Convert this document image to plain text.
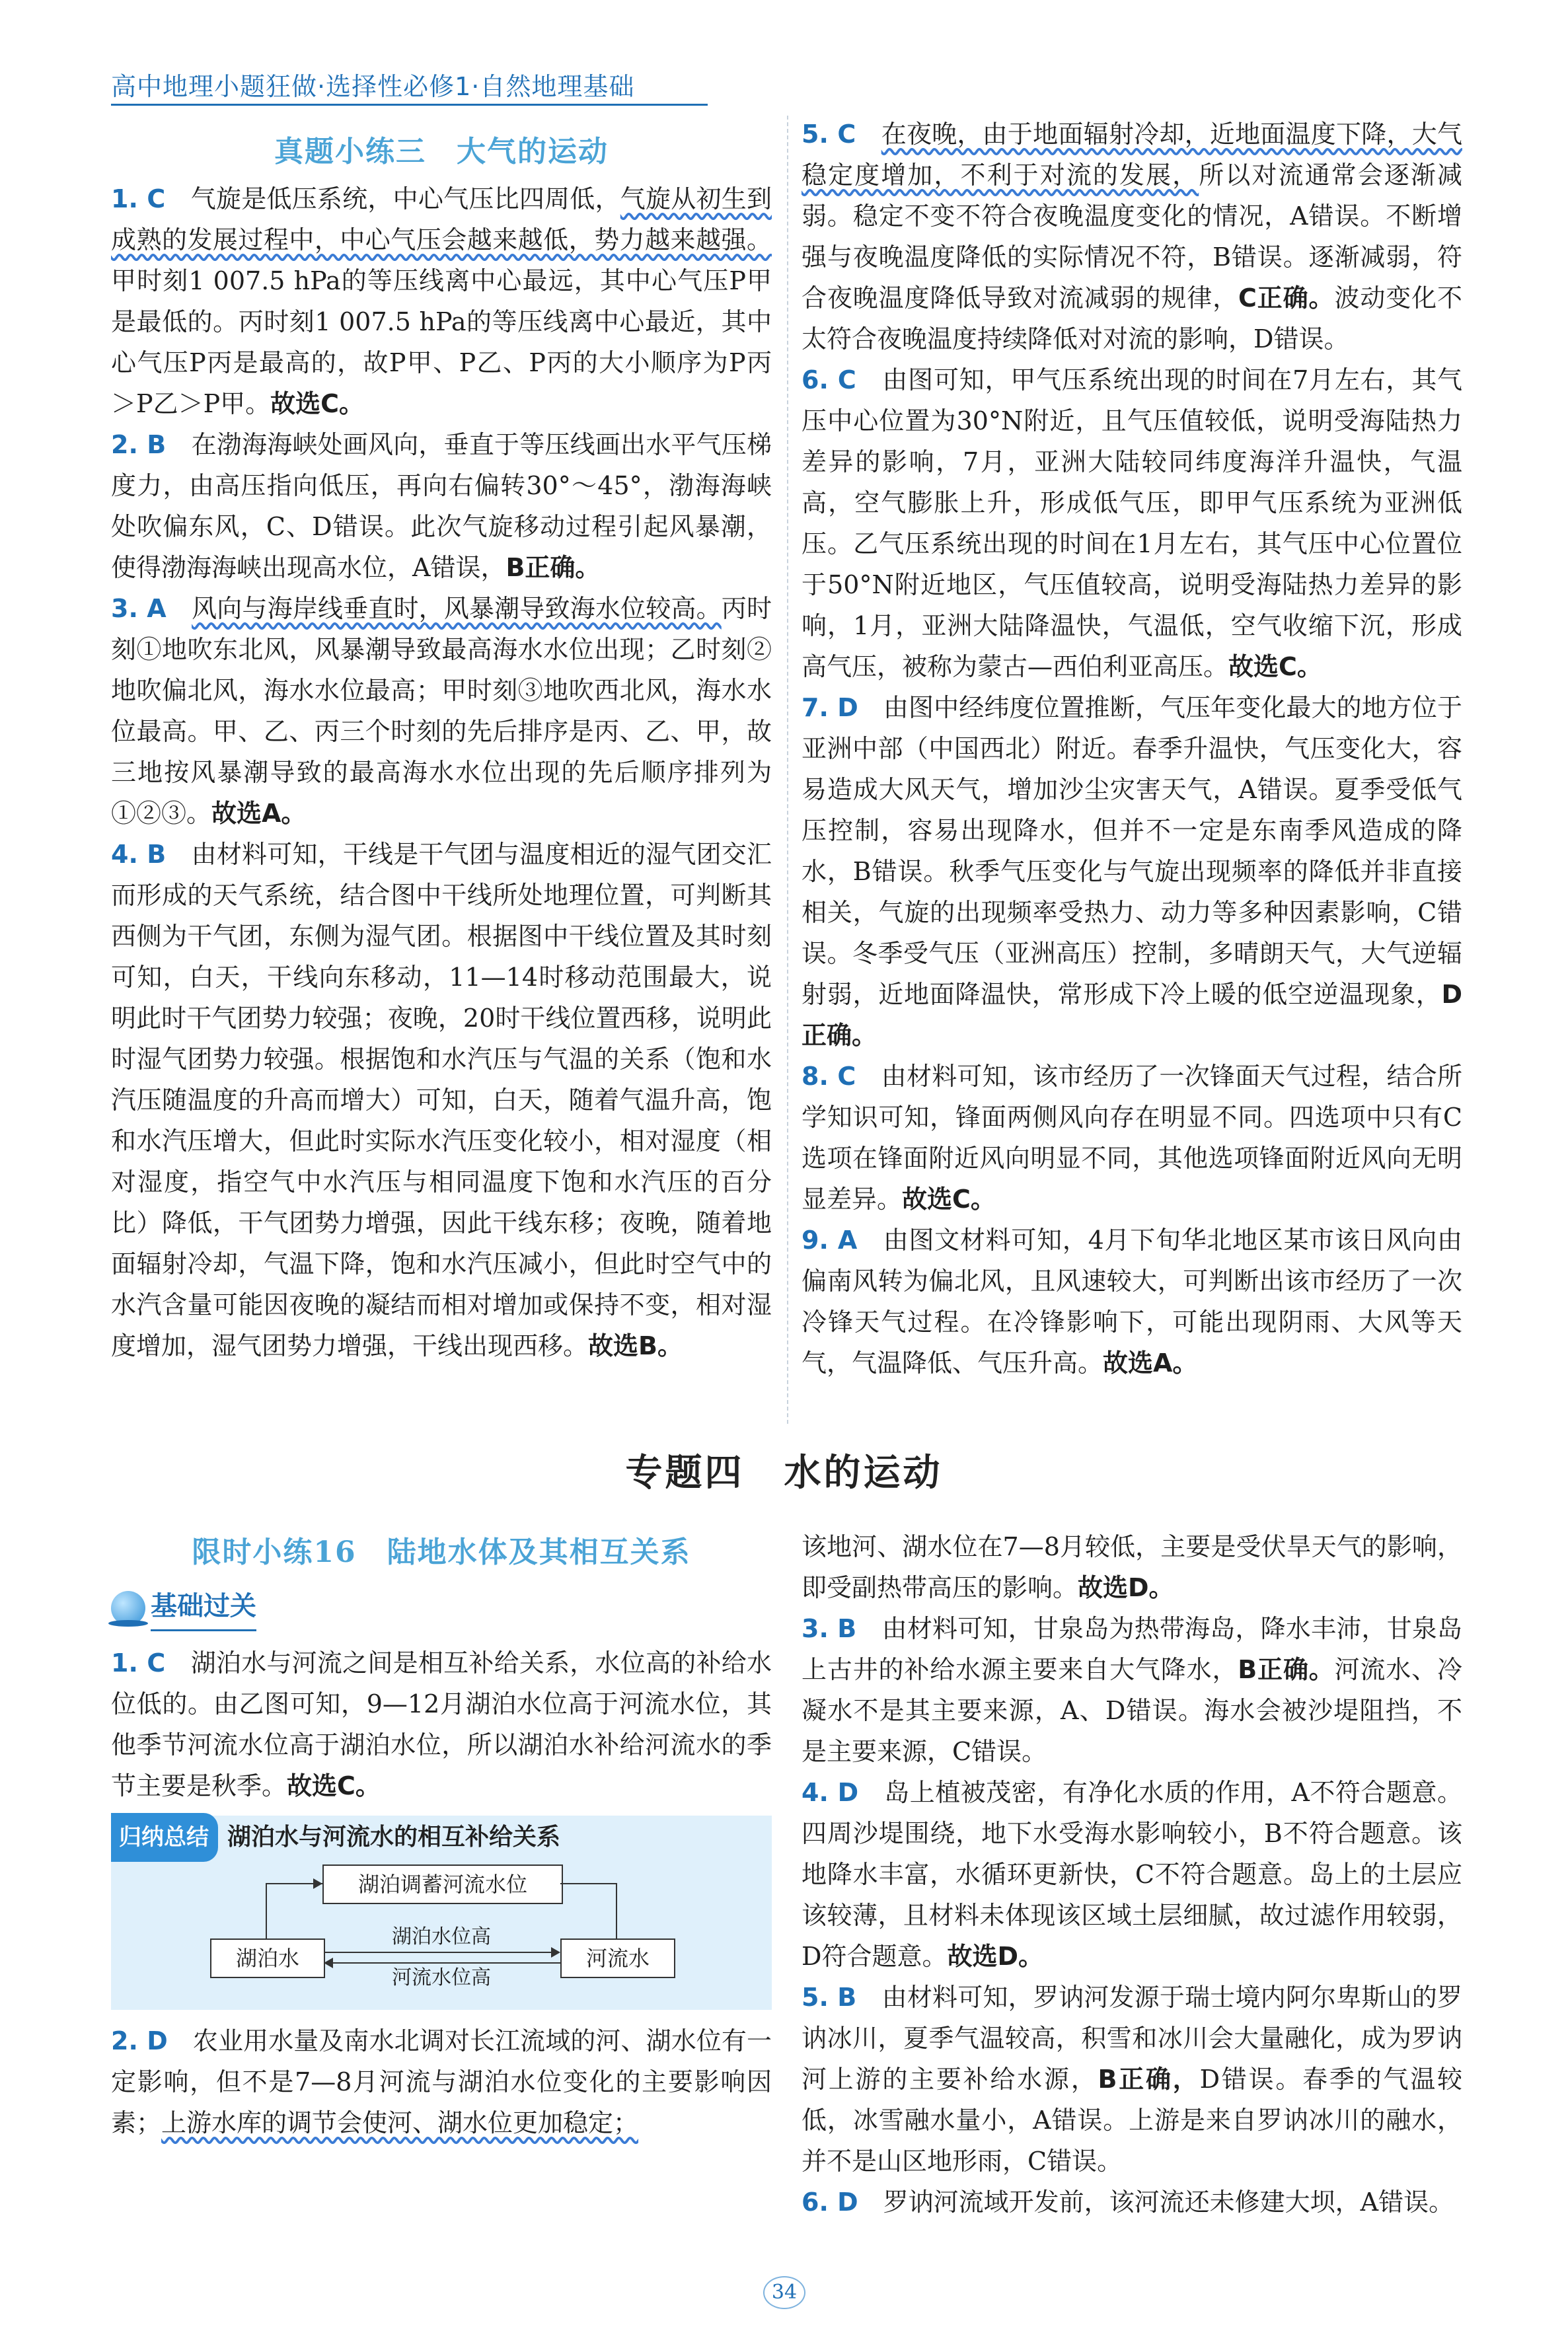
高中地理小题狂做·选择性必修1·自然地理基础

真题小练三　大气的运动

1. C　气旋是低压系统，中心气压比四周低，气旋从初生到成熟的发展过程中，中心气压会越来越低，势力越来越强。甲时刻1 007.5 hPa的等压线离中心最远，其中心气压P甲是最低的。丙时刻1 007.5 hPa的等压线离中心最近，其中心气压P丙是最高的，故P甲、P乙、P丙的大小顺序为P丙＞P乙＞P甲。故选C。

2. B　在渤海海峡处画风向，垂直于等压线画出水平气压梯度力，由高压指向低压，再向右偏转30°～45°，渤海海峡处吹偏东风，C、D错误。此次气旋移动过程引起风暴潮，使得渤海海峡出现高水位，A错误，B正确。

3. A　 风向与海岸线垂直时，风暴潮导致海水位较高。丙时刻①地吹东北风，风暴潮导致最高海水水位出现；乙时刻②地吹偏北风，海水水位最高；甲时刻③地吹西北风，海水水位最高。甲、乙、丙三个时刻的先后排序是丙、乙、甲，故三地按风暴潮导致的最高海水水位出现的先后顺序排列为①②③。故选A。

4. B　由材料可知，干线是干气团与温度相近的湿气团交汇而形成的天气系统，结合图中干线所处地理位置，可判断其西侧为干气团，东侧为湿气团。根据图中干线位置及其时刻可知，白天，干线向东移动，11—14时移动范围最大，说明此时干气团势力较强；夜晚，20时干线位置西移，说明此时湿气团势力较强。根据饱和水汽压与气温的关系（饱和水汽压随温度的升高而增大）可知，白天，随着气温升高，饱和水汽压增大，但此时实际水汽压变化较小，相对湿度（相对湿度，指空气中水汽压与相同温度下饱和水汽压的百分比）降低，干气团势力增强，因此干线东移；夜晚，随着地面辐射冷却，气温下降，饱和水汽压减小，但此时空气中的水汽含量可能因夜晚的凝结而相对增加或保持不变，相对湿度增加，湿气团势力增强，干线出现西移。故选B。

5. C　 在夜晚，由于地面辐射冷却，近地面温度下降，大气稳定度增加，不利于对流的发展，所以对流通常会逐渐减弱。稳定不变不符合夜晚温度变化的情况，A错误。不断增强与夜晚温度降低的实际情况不符，B错误。逐渐减弱，符合夜晚温度降低导致对流减弱的规律，C正确。波动变化不太符合夜晚温度持续降低对对流的影响，D错误。

6. C　由图可知，甲气压系统出现的时间在7月左右，其气压中心位置为30°N附近，且气压值较低，说明受海陆热力差异的影响，7月，亚洲大陆较同纬度海洋升温快，气温高，空气膨胀上升，形成低气压，即甲气压系统为亚洲低压。乙气压系统出现的时间在1月左右，其气压中心位置位于50°N附近地区，气压值较高，说明受海陆热力差异的影响，1月，亚洲大陆降温快，气温低，空气收缩下沉，形成高气压，被称为蒙古—西伯利亚高压。故选C。

7. D　由图中经纬度位置推断，气压年变化最大的地方位于亚洲中部（中国西北）附近。春季升温快，气压变化大，容易造成大风天气，增加沙尘灾害天气，A错误。夏季受低气压控制，容易出现降水，但并不一定是东南季风造成的降水，B错误。秋季气压变化与气旋出现频率的降低并非直接相关，气旋的出现频率受热力、动力等多种因素影响，C错误。冬季受气压（亚洲高压）控制，多晴朗天气，大气逆辐射弱，近地面降温快，常形成下冷上暖的低空逆温现象，D正确。

8. C　由材料可知，该市经历了一次锋面天气过程，结合所学知识可知，锋面两侧风向存在明显不同。四选项中只有C选项在锋面附近风向明显不同，其他选项锋面附近风向无明显差异。故选C。

9. A　由图文材料可知，4月下旬华北地区某市该日风向由偏南风转为偏北风，且风速较大，可判断出该市经历了一次冷锋天气过程。在冷锋影响下，可能出现阴雨、大风等天气，气温降低、气压升高。故选A。

专题四　水的运动

限时小练16　陆地水体及其相互关系

基础过关

1. C　湖泊水与河流之间是相互补给关系，水位高的补给水位低的。由乙图可知，9—12月湖泊水位高于河流水位，其他季节河流水位高于湖泊水位，所以湖泊水补给河流水的季节主要是秋季。故选C。

归纳总结 湖泊水与河流水的相互补给关系
湖泊调蓄河流水位
湖泊水	河流水
湖泊水位高
河流水位高

2. D　农业用水量及南水北调对长江流域的河、湖水位有一定影响，但不是7—8月河流与湖泊水位变化的主要影响因素；上游水库的调节会使河、湖水位更加稳定；

该地河、湖水位在7—8月较低，主要是受伏旱天气的影响，即受副热带高压的影响。故选D。

3. B　由材料可知，甘泉岛为热带海岛，降水丰沛，甘泉岛上古井的补给水源主要来自大气降水，B正确。河流水、冷凝水不是其主要来源，A、D错误。海水会被沙堤阻挡，不是主要来源，C错误。

4. D　岛上植被茂密，有净化水质的作用，A不符合题意。四周沙堤围绕，地下水受海水影响较小，B不符合题意。该地降水丰富，水循环更新快，C不符合题意。岛上的土层应该较薄，且材料未体现该区域土层细腻，故过滤作用较弱，D符合题意。故选D。

5. B　由材料可知，罗讷河发源于瑞士境内阿尔卑斯山的罗讷冰川，夏季气温较高，积雪和冰川会大量融化，成为罗讷河上游的主要补给水源，B正确，D错误。春季的气温较低，冰雪融水量小，A错误。上游是来自罗讷冰川的融水，并不是山区地形雨，C错误。

6. D　罗讷河流域开发前，该河流还未修建大坝，A错误。

34
